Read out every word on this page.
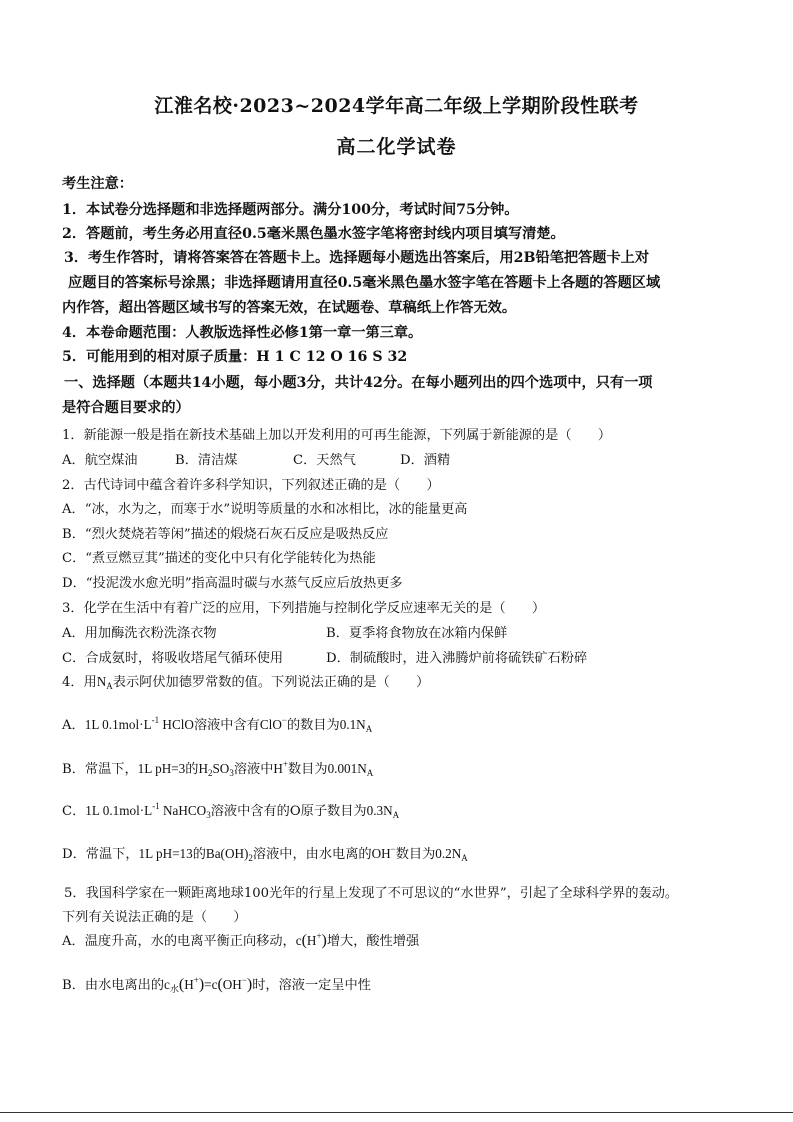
江淮名校·2023~2024学年高二年级上学期阶段性联考
高二化学试卷
考生注意：
1．本试卷分选择题和非选择题两部分。满分100分，考试时间75分钟。
2．答题前，考生务必用直径0.5毫米黑色墨水签字笔将密封线内项目填写清楚。
3．考生作答时，请将答案答在答题卡上。选择题每小题选出答案后，用2B铅笔把答题卡上对
应题目的答案标号涂黑；非选择题请用直径0.5毫米黑色墨水签字笔在答题卡上各题的答题区域
内作答，超出答题区域书写的答案无效，在试题卷、草稿纸上作答无效。
4．本卷命题范围：人教版选择性必修1第一章一第三章。
5．可能用到的相对原子质量：H 1 C 12 O 16 S 32
一、选择题（本题共14小题，每小题3分，共计42分。在每小题列出的四个选项中，只有一项
是符合题目要求的）
1．新能源一般是指在新技术基础上加以开发利用的可再生能源，下列属于新能源的是（　　）
A．航空煤油	B．清洁煤	C．天然气	D．酒精
2．古代诗词中蕴含着许多科学知识，下列叙述正确的是（　　）
A．“冰，水为之，而寒于水”说明等质量的水和冰相比，冰的能量更高
B．“烈火焚烧若等闲”描述的煅烧石灰石反应是吸热反应
C．“煮豆燃豆萁”描述的变化中只有化学能转化为热能
D．“投泥泼水愈光明”指高温时碳与水蒸气反应后放热更多
3．化学在生活中有着广泛的应用，下列措施与控制化学反应速率无关的是（　　）
A．用加酶洗衣粉洗涤衣物	B．夏季将食物放在冰箱内保鲜
C．合成氨时，将吸收塔尾气循环使用	D．制硫酸时，进入沸腾炉前将硫铁矿石粉碎
4．用$N_A$表示阿伏加德罗常数的值。下列说法正确的是（　　）
A．1L $0.1mol\cdot L^{-1}$ HClO溶液中含有ClO−的数目为$0.1N_A$
B．常温下，1L pH=3的$H_2SO_3$溶液中H+数目为$0.001N_A$
C．1L $0.1mol\cdot L^{-1}$ NaHCO$_3$溶液中含有的O原子数目为$0.3N_A$
D．常温下，1L pH=13的$Ba(OH)_2$溶液中，由水电离的OH−数目为$0.2N_A$
5．我国科学家在一颗距离地球100光年的行星上发现了不可思议的“水世界”，引起了全球科学界的轰动。
下列有关说法正确的是（　　）
A．温度升高，水的电离平衡正向移动，c(H+)增大，酸性增强
B．由水电离出的$c_水(H^+)=c(OH^-)$时，溶液一定呈中性
